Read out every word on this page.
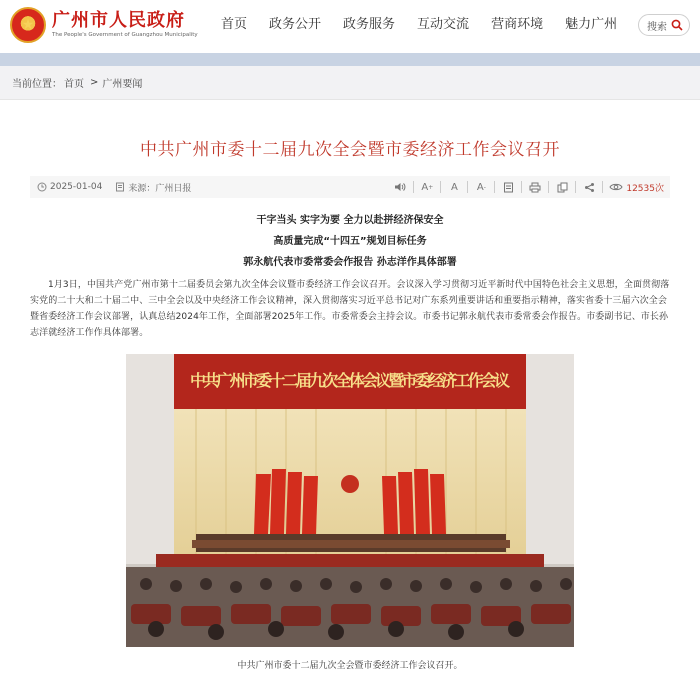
★ 广州市人民政府
The People's Government of Guangzhou Municipality
首页	政务公开	政务服务	互动交流	营商环境	魅力广州	搜索
当前位置： 首页 > 广州要闻
中共广州市委十二届九次全会暨市委经济工作会议召开
2025-01-04	来源：广州日报	A +	A	A -	12535次
干字当头 实字为要 全力以赴拼经济保安全
高质量完成“十四五”规划目标任务
郭永航代表市委常委会作报告 孙志洋作具体部署

1月3日，中国共产党广州市第十二届委员会第九次全体会议暨市委经济工作会议召开。会议深入学习贯彻习近平新时代中国特色社会主义思想，全面贯彻落实党的二十大和二十届二中、三中全会以及中央经济工作会议精神，深入贯彻落实习近平总书记对广东系列重要讲话和重要指示精神，落实省委十三届六次全会暨省委经济工作会议部署，认真总结2024年工作，全面部署2025年工作。市委常委会主持会议。市委书记郭永航代表市委常委会作报告。市委副书记、市长孙志洋就经济工作作具体部署。

中共广州市委十二届九次全体会议暨市委经济工作会议
中共广州市委十二届九次全会暨市委经济工作会议召开。
